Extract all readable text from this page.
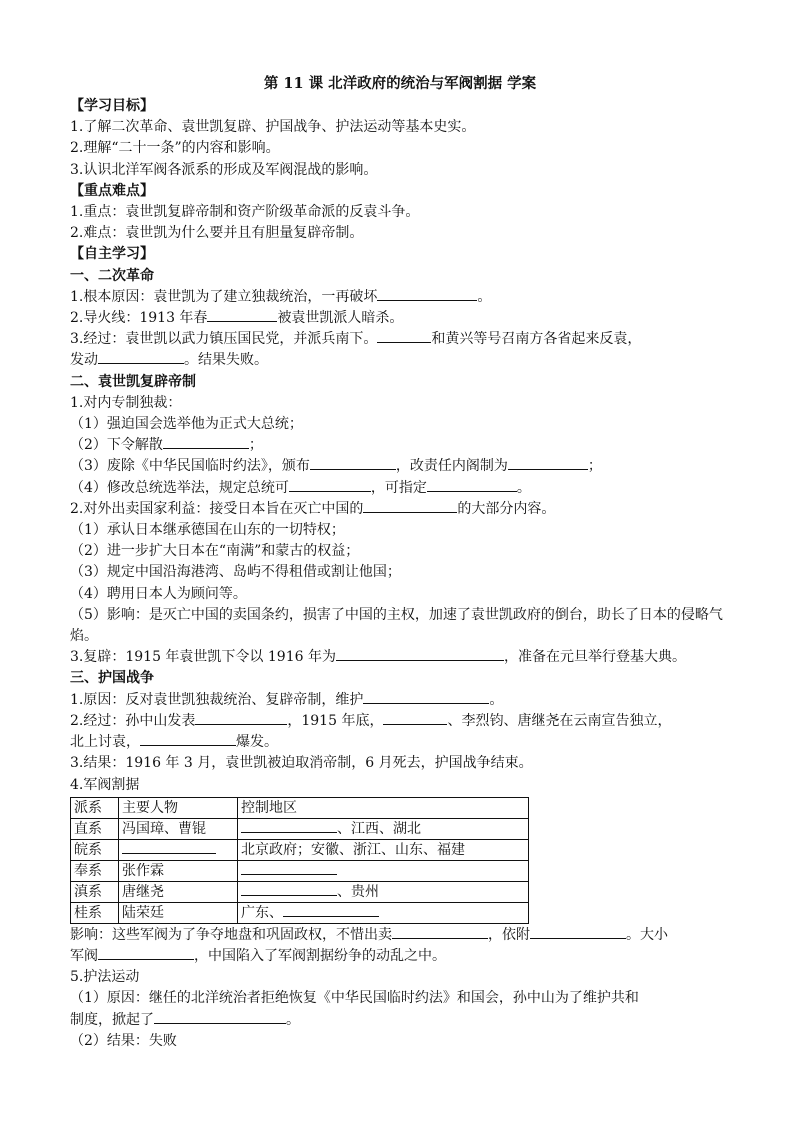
第 11 课 北洋政府的统治与军阀割据 学案
【学习目标】
1.了解二次革命、袁世凯复辟、护国战争、护法运动等基本史实。
2.理解“二十一条”的内容和影响。
3.认识北洋军阀各派系的形成及军阀混战的影响。
【重点难点】
1.重点：袁世凯复辟帝制和资产阶级革命派的反袁斗争。
2.难点：袁世凯为什么要并且有胆量复辟帝制。
【自主学习】
一、二次革命
1.根本原因：袁世凯为了建立独裁统治，一再破坏	。
2.导火线：1913 年春	被袁世凯派人暗杀。
3.经过：袁世凯以武力镇压国民党，并派兵南下。	和黄兴等号召南方各省起来反袁，
发动	。结果失败。
二、袁世凯复辟帝制
1.对内专制独裁：
（1）强迫国会选举他为正式大总统；
（2）下令解散	；
（3）废除《中华民国临时约法》，颁布	，改责任内阁制为	；
（4）修改总统选举法，规定总统可	，可指定	。
2.对外出卖国家利益：接受日本旨在灭亡中国的	的大部分内容。
（1）承认日本继承德国在山东的一切特权；
（2）进一步扩大日本在“南满”和蒙古的权益；
（3）规定中国沿海港湾、岛屿不得租借或割让他国；
（4）聘用日本人为顾问等。
（5）影响：是灭亡中国的卖国条约，损害了中国的主权，加速了袁世凯政府的倒台，助长了日本的侵略气焰。
3.复辟：1915 年袁世凯下令以 1916 年为	，准备在元旦举行登基大典。
三、护国战争
1.原因：反对袁世凯独裁统治、复辟帝制，维护	。
2.经过：孙中山发表	，1915 年底，	、李烈钧、唐继尧在云南宣告独立，
北上讨袁，	爆发。
3.结果：1916 年 3 月，袁世凯被迫取消帝制，6 月死去，护国战争结束。
4.军阀割据
派系	主要人物	控制地区
直系	冯国璋、曹锟	、江西、湖北
皖系		北京政府；安徽、浙江、山东、福建
奉系	张作霖	
滇系	唐继尧	、贵州
桂系	陆荣廷	广东、
影响：这些军阀为了争夺地盘和巩固政权，不惜出卖	，依附	。大小
军阀	，中国陷入了军阀割据纷争的动乱之中。
5.护法运动
（1）原因：继任的北洋统治者拒绝恢复《中华民国临时约法》和国会，孙中山为了维护共和
制度，掀起了	。
（2）结果：失败
